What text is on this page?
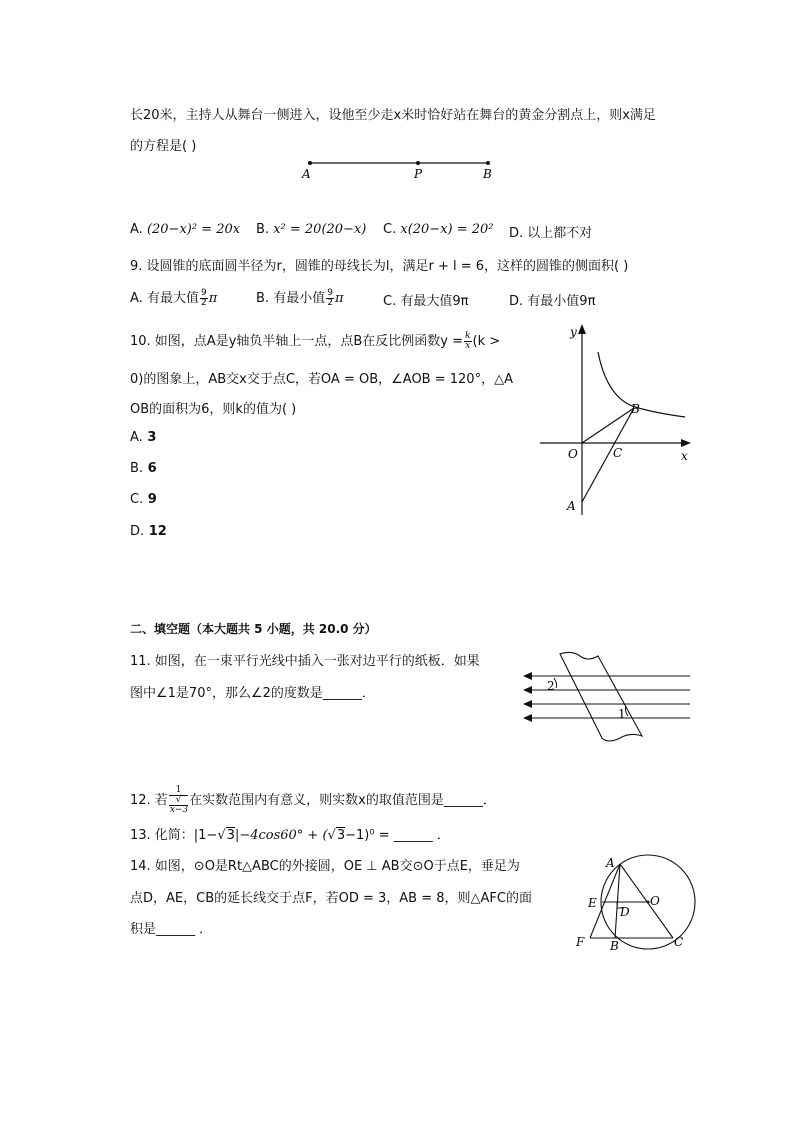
长20米，主持人从舞台一侧进入，设他至少走x米时恰好站在舞台的黄金分割点上，则x满足
的方程是( )
A	P	B
A. (20−x)² = 20x B. x² = 20(20−x) C. x(20−x) = 20² D. 以上都不对
9. 设圆锥的底面圆半径为r，圆锥的母线长为l，满足r + l = 6，这样的圆锥的侧面积( )
A. 有最大值 $\frac{9}{2}$ π	B. 有最小值 $\frac{9}{2}$ π	C. 有最大值9π	D. 有最小值9π
10. 如图，点A是y轴负半轴上一点，点B在反比例函数$y = \frac{k}{x} (k$ >
0)的图象上，AB交x交于点C，若OA = OB，∠AOB = 120°，△A
OB的面积为6，则k的值为( )
A. 3
B. 6
C. 9
D. 12
y
x
O	C
B
A
二、填空题（本大题共 5 小题，共 20.0 分）
11. 如图，在一束平行光线中插入一张对边平行的纸板．如果
图中∠1是70°，那么∠2的度数是______．	2
1
12. 若 1
√
x−3 在实数范围内有意义，则实数x的取值范围是______．
13. 化简：|1−√3|−4cos60° + (√3−1)⁰ = ______ ．
14. 如图，⊙O是Rt△ABC的外接圆，OE ⊥ AB交⊙O于点E，垂足为
点D，AE，CB的延长线交于点F，若OD = 3，AB = 8，则△AFC的面
积是______ ．
A
E
D
O
F B	C
